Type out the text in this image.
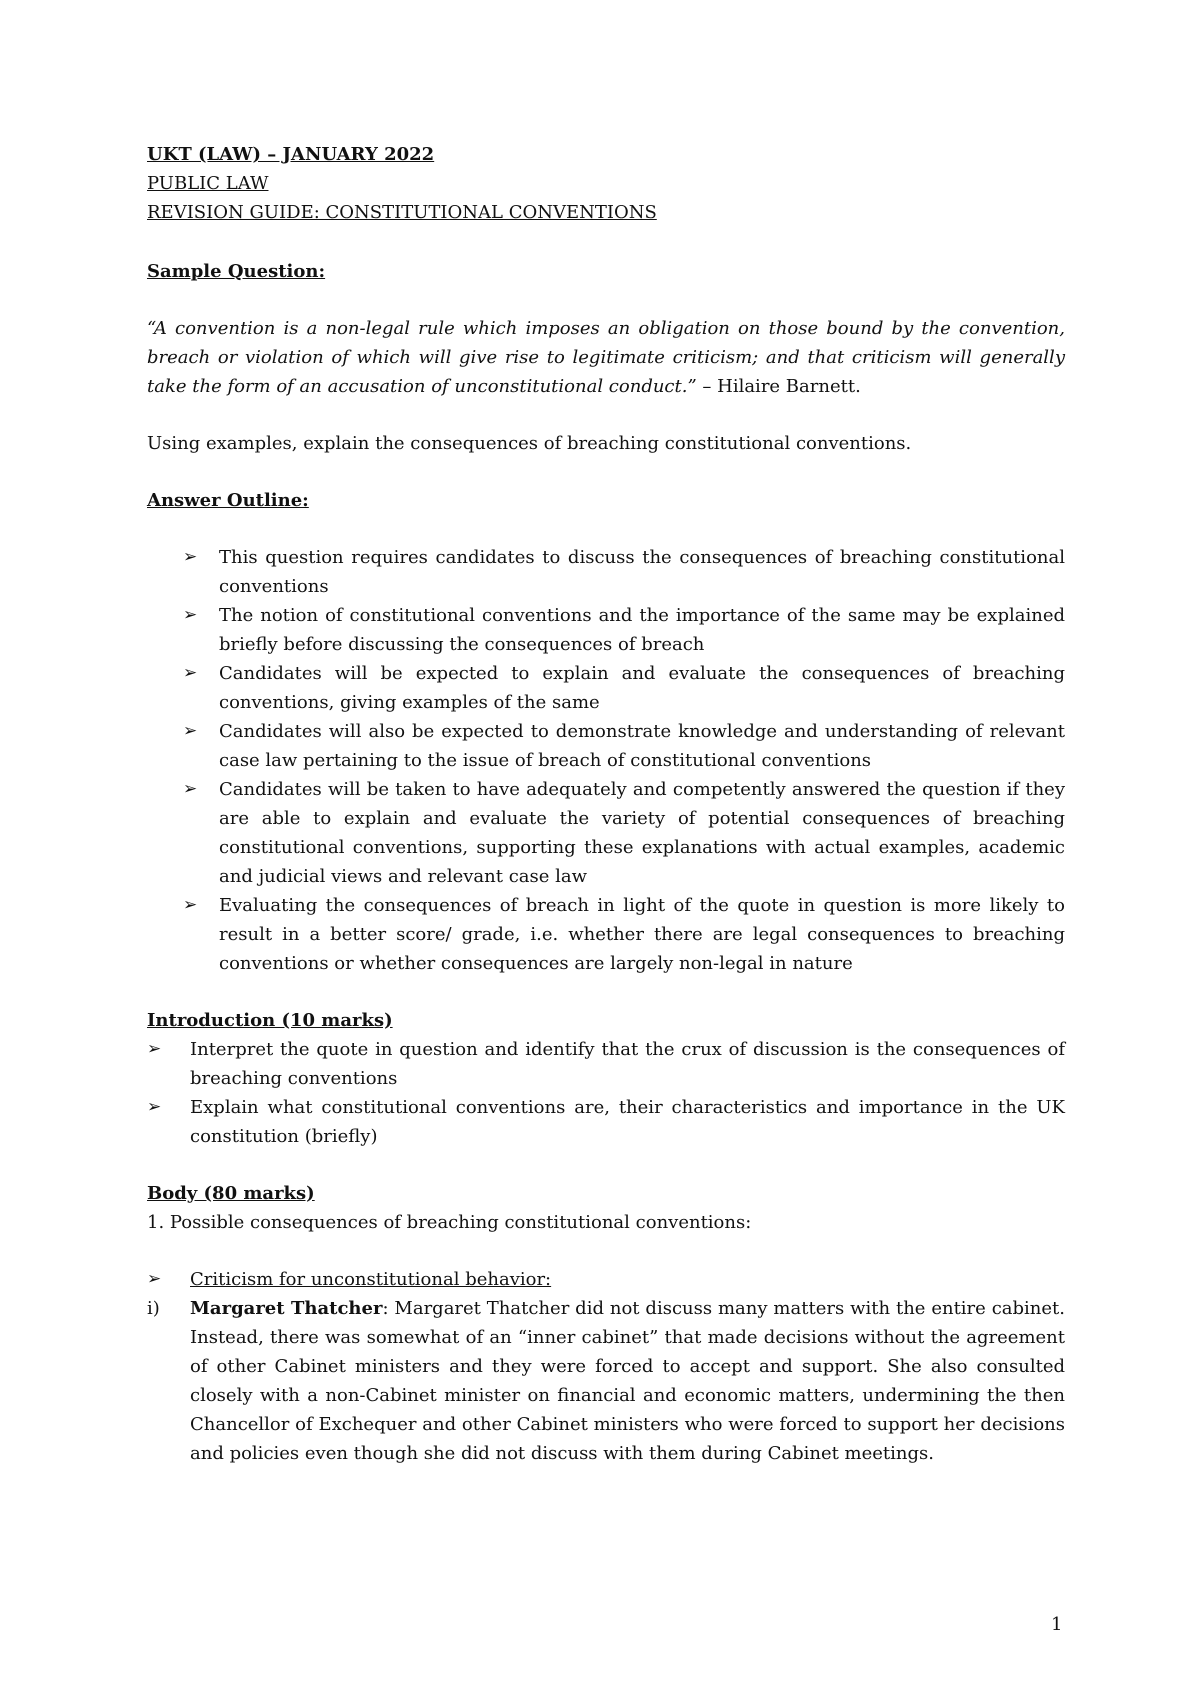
UKT (LAW) – JANUARY 2022

PUBLIC LAW

REVISION GUIDE: CONSTITUTIONAL CONVENTIONS

Sample Question:

“A convention is a non-legal rule which imposes an obligation on those bound by the convention, breach or violation of which will give rise to legitimate criticism; and that criticism will generally take the form of an accusation of unconstitutional conduct.” – Hilaire Barnett.

Using examples, explain the consequences of breaching constitutional conventions.

Answer Outline:

➢	This question requires candidates to discuss the consequences of breaching constitutional conventions
➢	The notion of constitutional conventions and the importance of the same may be explained briefly before discussing the consequences of breach
➢	Candidates will be expected to explain and evaluate the consequences of breaching conventions, giving examples of the same
➢	Candidates will also be expected to demonstrate knowledge and understanding of relevant case law pertaining to the issue of breach of constitutional conventions
➢	Candidates will be taken to have adequately and competently answered the question if they are able to explain and evaluate the variety of potential consequences of breaching constitutional conventions, supporting these explanations with actual examples, academic and judicial views and relevant case law
➢	Evaluating the consequences of breach in light of the quote in question is more likely to result in a better score/ grade, i.e. whether there are legal consequences to breaching conventions or whether consequences are largely non-legal in nature

Introduction (10 marks)

➢	Interpret the quote in question and identify that the crux of discussion is the consequences of breaching conventions
➢	Explain what constitutional conventions are, their characteristics and importance in the UK constitution (briefly)

Body (80 marks)

1. Possible consequences of breaching constitutional conventions:

➢ Criticism for unconstitutional behavior:

i) Margaret Thatcher: Margaret Thatcher did not discuss many matters with the entire cabinet. Instead, there was somewhat of an “inner cabinet” that made decisions without the agreement of other Cabinet ministers and they were forced to accept and support. She also consulted closely with a non-Cabinet minister on financial and economic matters, undermining the then Chancellor of Exchequer and other Cabinet ministers who were forced to support her decisions and policies even though she did not discuss with them during Cabinet meetings.
1
